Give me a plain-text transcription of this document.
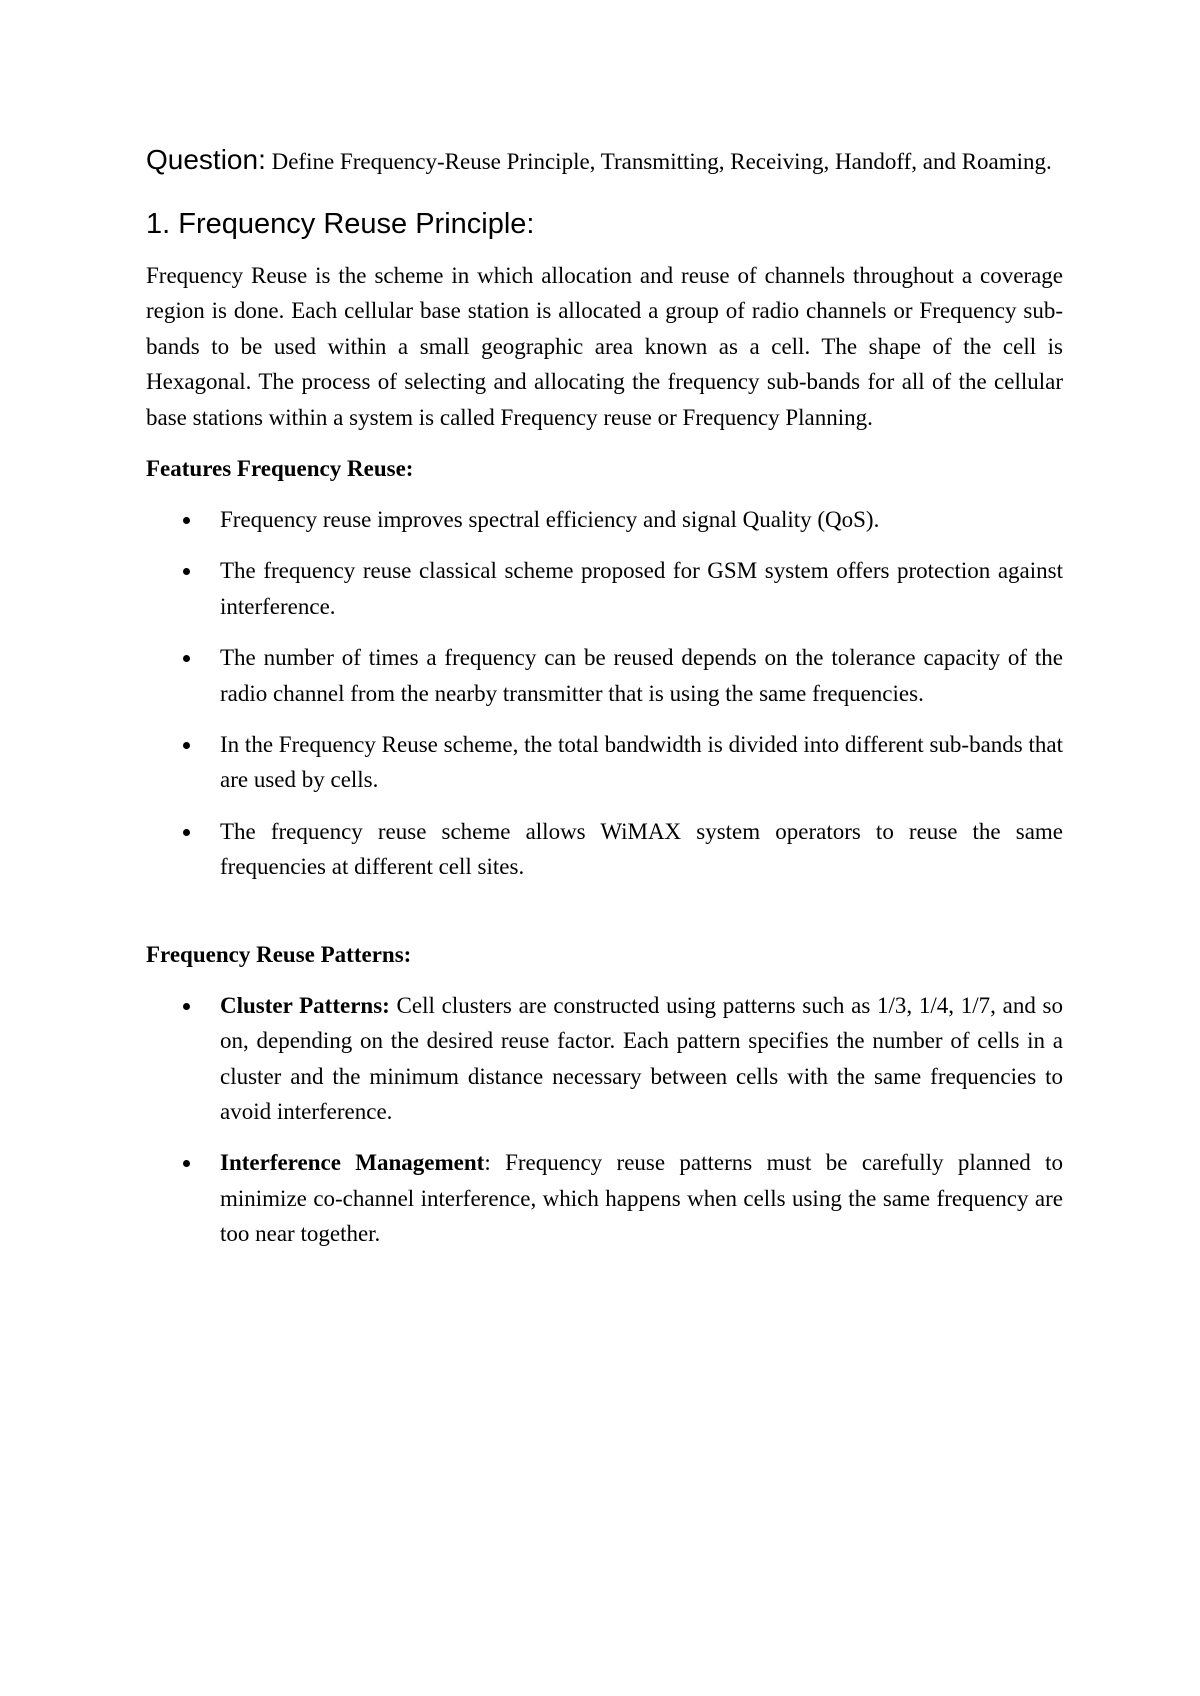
Question: Define Frequency-Reuse Principle, Transmitting, Receiving, Handoff, and Roaming.

1. Frequency Reuse Principle:

Frequency Reuse is the scheme in which allocation and reuse of channels throughout a coverage region is done. Each cellular base station is allocated a group of radio channels or Frequency sub-bands to be used within a small geographic area known as a cell. The shape of the cell is Hexagonal. The process of selecting and allocating the frequency sub-bands for all of the cellular base stations within a system is called Frequency reuse or Frequency Planning.

Features Frequency Reuse:

Frequency reuse improves spectral efficiency and signal Quality (QoS).
The frequency reuse classical scheme proposed for GSM system offers protection against interference.
The number of times a frequency can be reused depends on the tolerance capacity of the radio channel from the nearby transmitter that is using the same frequencies.
In the Frequency Reuse scheme, the total bandwidth is divided into different sub-bands that are used by cells.
The frequency reuse scheme allows WiMAX system operators to reuse the same frequencies at different cell sites.

Frequency Reuse Patterns:

Cluster Patterns: Cell clusters are constructed using patterns such as 1/3, 1/4, 1/7, and so on, depending on the desired reuse factor. Each pattern specifies the number of cells in a cluster and the minimum distance necessary between cells with the same frequencies to avoid interference.
Interference Management: Frequency reuse patterns must be carefully planned to minimize co-channel interference, which happens when cells using the same frequency are too near together.
